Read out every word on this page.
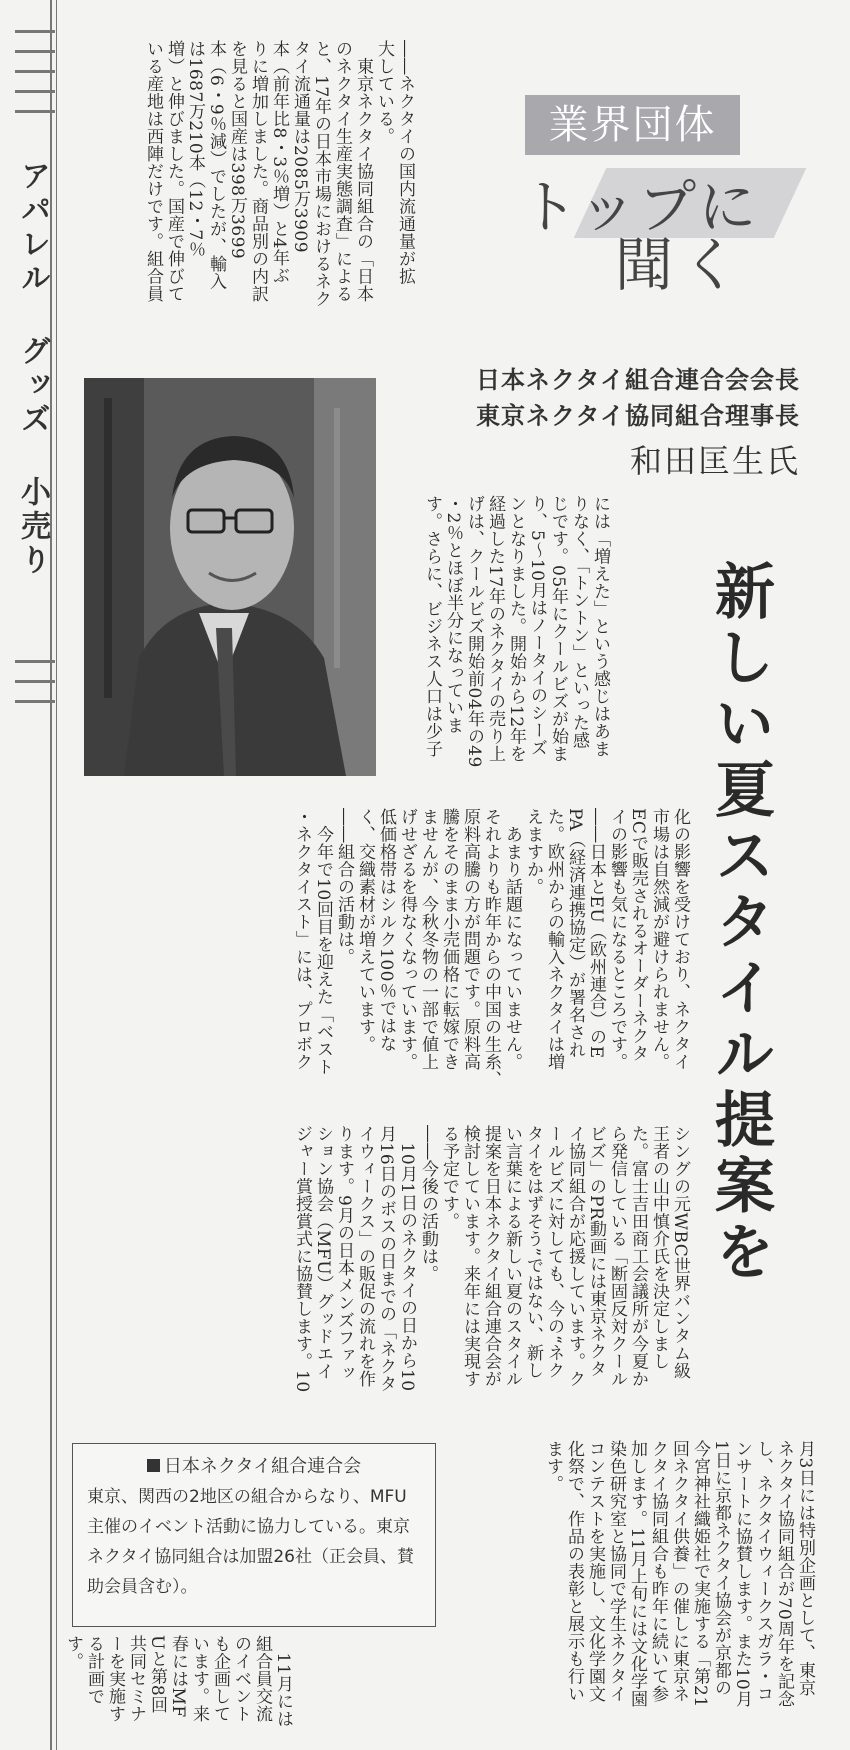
アパレル グッズ 小売り
業界団体
トップに
聞く
日本ネクタイ組合連合会会長
東京ネクタイ協同組合理事長
和田匡生氏
新しい夏スタイル提案を
――ネクタイの国内流通量が拡
大している。
　東京ネクタイ協同組合の「日本
のネクタイ生産実態調査」による
と、17年の日本市場におけるネク
タイ流通量は2085万3909
本（前年比8・3％増）と4年ぶ
りに増加しました。商品別の内訳
を見ると国産は398万3699
本（6・9％減）でしたが、輸入
は1687万210本（12・7％
増）と伸びました。国産で伸びて
いる産地は西陣だけです。組合員
には「増えた」という感じはあま
りなく、「トントン」といった感
じです。05年にクールビズが始ま
り、5～10月はノータイのシーズ
ンとなりました。開始から12年を
経過した17年のネクタイの売り上
げは、クールビズ開始前04年の49
・2％とほぼ半分になっていま
す。さらに、ビジネス人口は少子
化の影響を受けており、ネクタイ
市場は自然減が避けられません。
ECで販売されるオーダーネクタ
イの影響も気になるところです。
――日本とEU（欧州連合）のE
PA（経済連携協定）が署名され
た。欧州からの輸入ネクタイは増
えますか。
　あまり話題になっていません。
それよりも昨年からの中国の生糸、
原料高騰の方が問題です。原料高
騰をそのまま小売価格に転嫁でき
ませんが、今秋冬物の一部で値上
げせざるを得なくなっています。
低価格帯はシルク100％ではな
く、交織素材が増えています。
――組合の活動は。
　今年で10回目を迎えた「ベスト
・ネクタイスト」には、プロボク
シングの元WBC世界バンタム級
王者の山中慎介氏を決定しまし
た。富士吉田商工会議所が今夏か
ら発信している「断固反対クール
ビズ」のPR動画には東京ネクタ
イ協同組合が応援しています。ク
ールビズに対しても、今の“ネク
タイをはずそう”ではない、新し
い言葉による新しい夏のスタイル
提案を日本ネクタイ組合連合会が
検討しています。来年には実現す
る予定です。
――今後の活動は。
　10月1日のネクタイの日から10
月16日のボスの日までの「ネクタ
イウィークス」の販促の流れを作
ります。9月の日本メンズファッ
ション協会（MFU）グッドエイ
ジャー賞授賞式に協賛します。10
月3日には特別企画として、東京
ネクタイ協同組合が70周年を記念
し、ネクタイウィークスガラ・コ
ンサートに協賛します。また10月
1日に京都ネクタイ協会が京都の
今宮神社織姫社で実施する「第21
回ネクタイ供養」の催しに東京ネ
クタイ協同組合も昨年に続いて参
加します。11月上旬には文化学園
染色研究室と協同で学生ネクタイ
コンテストを実施し、文化学園文
化祭で、作品の表彰と展示も行い
ます。
　11月には
組合員交流
のイベント
も企画して
います。来
春にはMF
Uと第8回
共同セミナ
ーを実施す
る計画で
す。
日本ネクタイ組合連合会
東京、関西の2地区の組合からなり、MFU主催のイベント活動に協力している。東京ネクタイ協同組合は加盟26社（正会員、賛助会員含む）。
